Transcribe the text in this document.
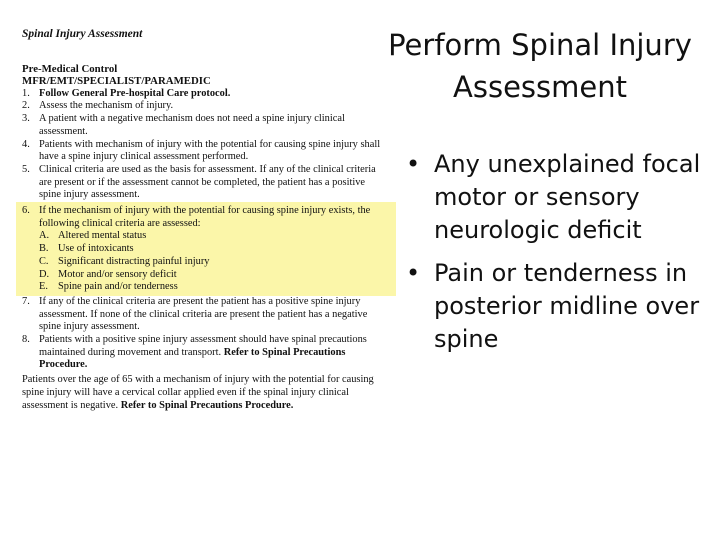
Spinal Injury Assessment
Pre-Medical Control
MFR/EMT/SPECIALIST/PARAMEDIC
1. Follow General Pre-hospital Care protocol.
2. Assess the mechanism of injury.
3. A patient with a negative mechanism does not need a spine injury clinical assessment.
4. Patients with mechanism of injury with the potential for causing spine injury shall have a spine injury clinical assessment performed.
5. Clinical criteria are used as the basis for assessment. If any of the clinical criteria are present or if the assessment cannot be completed, the patient has a positive spine injury assessment.
6. If the mechanism of injury with the potential for causing spine injury exists, the following clinical criteria are assessed:
A. Altered mental status
B. Use of intoxicants
C. Significant distracting painful injury
D. Motor and/or sensory deficit
E. Spine pain and/or tenderness
7. If any of the clinical criteria are present the patient has a positive spine injury assessment. If none of the clinical criteria are present the patient has a negative spine injury assessment.
8. Patients with a positive spine injury assessment should have spinal precautions maintained during movement and transport. Refer to Spinal Precautions Procedure.
Patients over the age of 65 with a mechanism of injury with the potential for causing spine injury will have a cervical collar applied even if the spinal injury clinical assessment is negative. Refer to Spinal Precautions Procedure.
Perform Spinal Injury Assessment
• Any unexplained focal motor or sensory neurologic deficit
• Pain or tenderness in posterior midline over spine
